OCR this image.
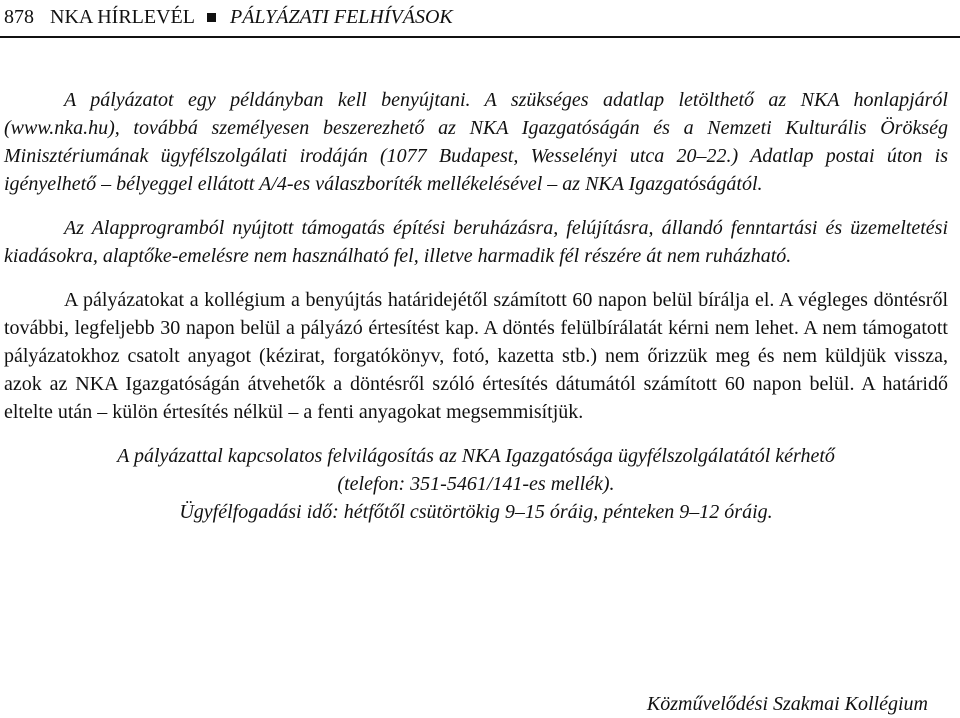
878 NKA HÍRLEVÉL PÁLYÁZATI FELHÍVÁSOK

A pályázatot egy példányban kell benyújtani. A szükséges adatlap letölthető az NKA honlapjáról (www.nka.hu), továbbá személyesen beszerezhető az NKA Igazgatóságán és a Nemzeti Kulturális Örökség Minisztériumának ügyfélszolgálati irodáján (1077 Budapest, Wesselényi utca 20–22.) Adatlap postai úton is igényelhető – bélyeggel ellátott A/4-es válaszboríték mellékelésével – az NKA Igazgatóságától.

Az Alapprogramból nyújtott támogatás építési beruházásra, felújításra, állandó fenntartási és üzemeltetési kiadásokra, alaptőke-emelésre nem használható fel, illetve harmadik fél részére át nem ruházható.

A pályázatokat a kollégium a benyújtás határidejétől számított 60 napon belül bírálja el. A végleges döntésről további, legfeljebb 30 napon belül a pályázó értesítést kap. A döntés felülbírálatát kérni nem lehet. A nem támogatott pályázatokhoz csatolt anyagot (kézirat, forgatókönyv, fotó, kazetta stb.) nem őrizzük meg és nem küldjük vissza, azok az NKA Igazgatóságán átvehetők a döntésről szóló értesítés dátumától számított 60 napon belül. A határidő eltelte után – külön értesítés nélkül – a fenti anyagokat megsemmisítjük.

A pályázattal kapcsolatos felvilágosítás az NKA Igazgatósága ügyfélszolgálatától kérhető

(telefon: 351-5461/141-es mellék).

Ügyfélfogadási idő: hétfőtől csütörtökig 9–15 óráig, pénteken 9–12 óráig.

Közművelődési Szakmai Kollégium
